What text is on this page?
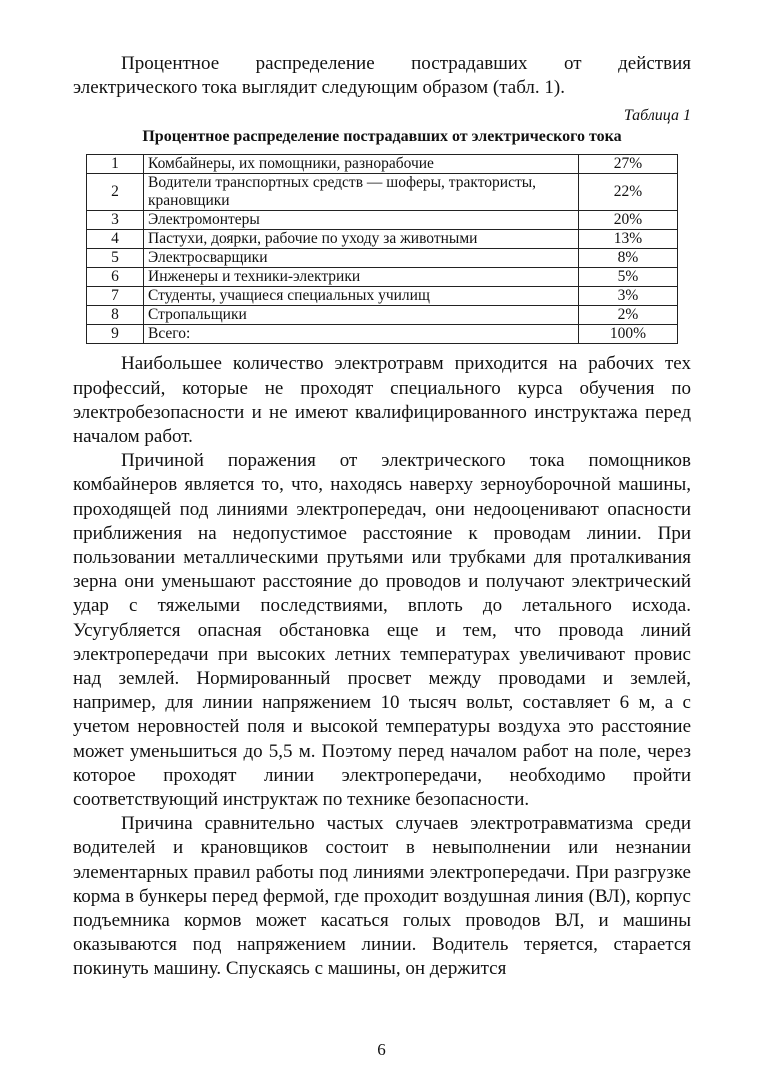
Процентное распределение пострадавших от действия электрического тока выглядит следующим образом (табл. 1).

Таблица 1
Процентное распределение пострадавших от электрического тока
1	Комбайнеры, их помощники, разнорабочие	27%
2	Водители транспортных средств — шоферы, трактористы, крановщики	22%
3	Электромонтеры	20%
4	Пастухи, доярки, рабочие по уходу за животными	13%
5	Электросварщики	8%
6	Инженеры и техники-электрики	5%
7	Студенты, учащиеся специальных училищ	3%
8	Стропальщики	2%
9	Всего:	100%

Наибольшее количество электротравм приходится на рабочих тех профессий, которые не проходят специального курса обучения по электробезопасности и не имеют квалифицированного инструктажа перед началом работ.

Причиной поражения от электрического тока помощников комбайнеров является то, что, находясь наверху зерноуборочной машины, проходящей под линиями электропередач, они недооценивают опасности приближения на недопустимое расстояние к проводам линии. При пользовании металлическими прутьями или трубками для проталкивания зерна они уменьшают расстояние до проводов и получают электрический удар с тяжелыми последствиями, вплоть до летального исхода. Усугубляется опасная обстановка еще и тем, что провода линий электропередачи при высоких летних температурах увеличивают провис над землей. Нормированный просвет между проводами и землей, например, для линии напряжением 10 тысяч вольт, составляет 6 м, а с учетом неровностей поля и высокой температуры воздуха это расстояние может уменьшиться до 5,5 м. Поэтому перед началом работ на поле, через которое проходят линии электропередачи, необходимо пройти соответствующий инструктаж по технике безопасности.

Причина сравнительно частых случаев электротравматизма среди водителей и крановщиков состоит в невыполнении или незнании элементарных правил работы под линиями электропередачи. При разгрузке корма в бункеры перед фермой, где проходит воздушная линия (ВЛ), корпус подъемника кормов может касаться голых проводов ВЛ, и машины оказываются под напряжением линии. Водитель теряется, старается покинуть машину. Спускаясь с машины, он держится

6
